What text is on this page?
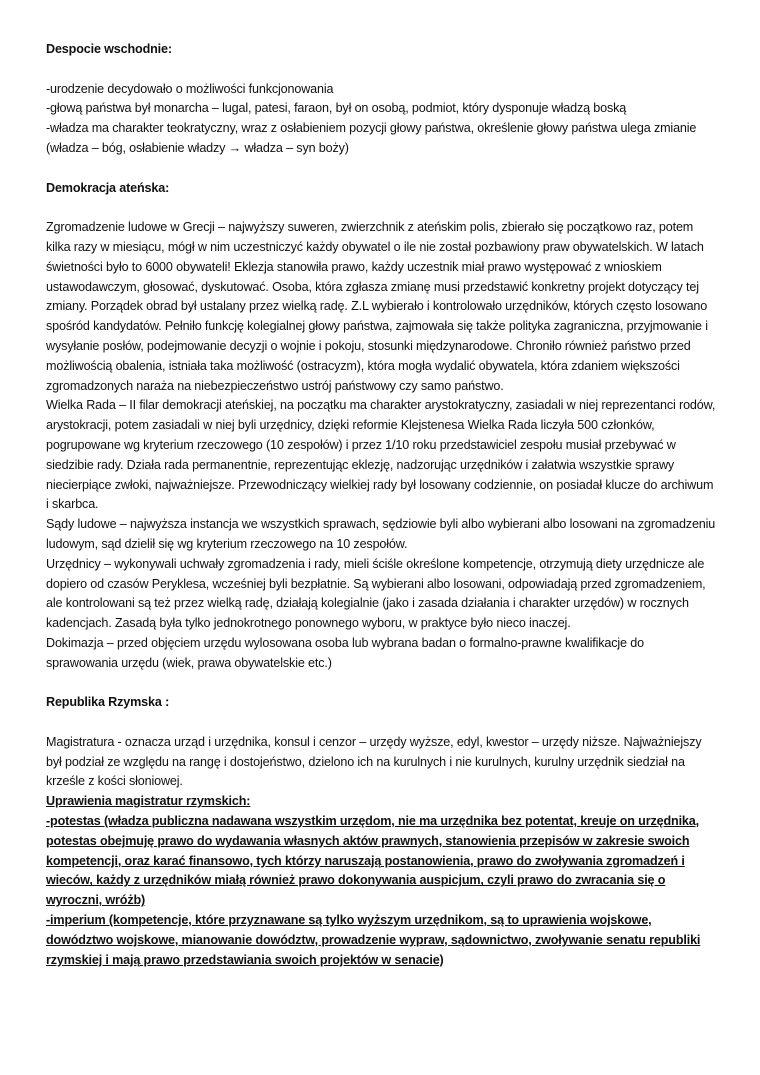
Despocie wschodnie:

-urodzenie decydowało o możliwości funkcjonowania

-głową państwa był monarcha – lugal, patesi, faraon, był on osobą, podmiot, który dysponuje władzą boską

-władza ma charakter teokratyczny, wraz z osłabieniem pozycji głowy państwa, określenie głowy państwa ulega zmianie (władza – bóg, osłabienie władzy → władza – syn boży)

Demokracja ateńska:

Zgromadzenie ludowe w Grecji – najwyższy suweren, zwierzchnik z ateńskim polis, zbierało się początkowo raz, potem kilka razy w miesiącu, mógł w nim uczestniczyć każdy obywatel o ile nie został pozbawiony praw obywatelskich. W latach świetności było to 6000 obywateli! Eklezja stanowiła prawo, każdy uczestnik miał prawo występować z wnioskiem ustawodawczym, głosować, dyskutować. Osoba, która zgłasza zmianę musi przedstawić konkretny projekt dotyczący tej zmiany. Porządek obrad był ustalany przez wielką radę. Z.L wybierało i kontrolowało urzędników, których często losowano spośród kandydatów. Pełniło funkcję kolegialnej głowy państwa, zajmowała się także polityka zagraniczna, przyjmowanie i wysyłanie posłów, podejmowanie decyzji o wojnie i pokoju, stosunki międzynarodowe. Chroniło również państwo przed możliwością obalenia, istniała taka możliwość (ostracyzm), która mogła wydalić obywatela, która zdaniem większości zgromadzonych naraża na niebezpieczeństwo ustrój państwowy czy samo państwo.

Wielka Rada – II filar demokracji ateńskiej, na początku ma charakter arystokratyczny, zasiadali w niej reprezentanci rodów, arystokracji, potem zasiadali w niej byli urzędnicy, dzięki reformie Klejstenesa Wielka Rada liczyła 500 członków, pogrupowane wg kryterium rzeczowego (10 zespołów) i przez 1/10 roku przedstawiciel zespołu musiał przebywać w siedzibie rady. Działa rada permanentnie, reprezentując eklezję, nadzorując urzędników i załatwia wszystkie sprawy niecierpiące zwłoki, najważniejsze. Przewodniczący wielkiej rady był losowany codziennie, on posiadał klucze do archiwum i skarbca.

Sądy ludowe – najwyższa instancja we wszystkich sprawach, sędziowie byli albo wybierani albo losowani na zgromadzeniu ludowym, sąd dzielił się wg kryterium rzeczowego na 10 zespołów.

Urzędnicy – wykonywali uchwały zgromadzenia i rady, mieli ściśle określone kompetencje, otrzymują diety urzędnicze ale dopiero od czasów Peryklesa, wcześniej byli bezpłatnie. Są wybierani albo losowani, odpowiadają przed zgromadzeniem, ale kontrolowani są też przez wielką radę, działają kolegialnie (jako i zasada działania i charakter urzędów) w rocznych kadencjach. Zasadą była tylko jednokrotnego ponownego wyboru, w praktyce było nieco inaczej.

Dokimazja – przed objęciem urzędu wylosowana osoba lub wybrana badan o formalno-prawne kwalifikacje do sprawowania urzędu (wiek, prawa obywatelskie etc.)

Republika Rzymska :

Magistratura - oznacza urząd i urzędnika, konsul i cenzor – urzędy wyższe, edyl, kwestor – urzędy niższe. Najważniejszy był podział ze względu na rangę i dostojeństwo, dzielono ich na kurulnych i nie kurulnych, kurulny urzędnik siedział na krześle z kości słoniowej.

Uprawienia magistratur rzymskich:

-potestas (władza publiczna nadawana wszystkim urzędom, nie ma urzędnika bez potentat, kreuje on urzędnika, potestas obejmuję prawo do wydawania własnych aktów prawnych, stanowienia przepisów w zakresie swoich kompetencji, oraz karać finansowo, tych którzy naruszają postanowienia, prawo do zwoływania zgromadzeń i wieców, każdy z urzędników miałą również prawo dokonywania auspicjum, czyli prawo do zwracania się o wyroczni, wróżb)

-imperium (kompetencje, które przyznawane są tylko wyższym urzędnikom, są to uprawienia wojskowe, dowództwo wojskowe, mianowanie dowództw, prowadzenie wypraw, sądownictwo, zwoływanie senatu republiki rzymskiej i mają prawo przedstawiania swoich projektów w senacie)
